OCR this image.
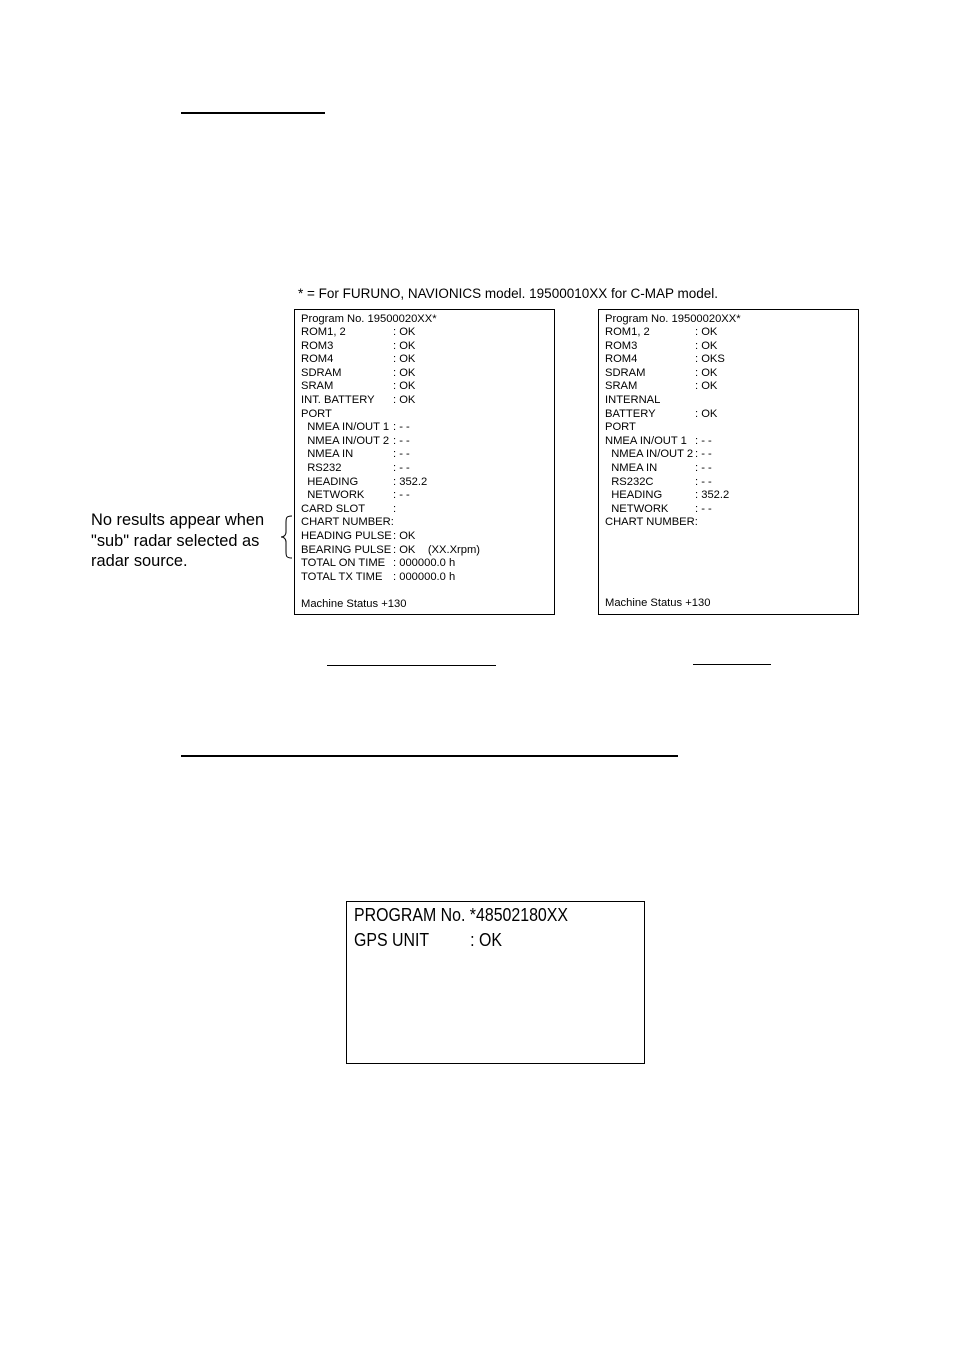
* = For FURUNO, NAVIONICS model. 19500010XX for C-MAP model.
Program No. 19500020XX*
ROM1, 2	: OK
ROM3	: OK
ROM4	: OK
SDRAM	: OK
SRAM	: OK
INT. BATTERY : OK
PORT
NMEA IN/OUT 1 : - -
NMEA IN/OUT 2 : - -
NMEA IN	: - -
RS232	: - -
HEADING	: 352.2
NETWORK	: - -
CARD SLOT :
CHART NUMBER:
HEADING PULSE : OK
BEARING PULSE : OK    (XX.Xrpm)
TOTAL ON TIME : 000000.0 h
TOTAL TX TIME : 000000.0 h
Machine Status +130
Program No. 19500020XX*
ROM1, 2	: OK
ROM3	: OK
ROM4	: OKS
SDRAM	: OK
SRAM	: OK
INTERNAL
BATTERY	: OK
PORT
NMEA IN/OUT 1 : - -
NMEA IN/OUT 2 : - -
NMEA IN	: - -
RS232C	: - -
HEADING	: 352.2
NETWORK : - -
CHART NUMBER:
Machine Status +130
No results appear when "sub" radar selected as radar source.
PROGRAM No. *48502180XX
GPS UNIT : OK
